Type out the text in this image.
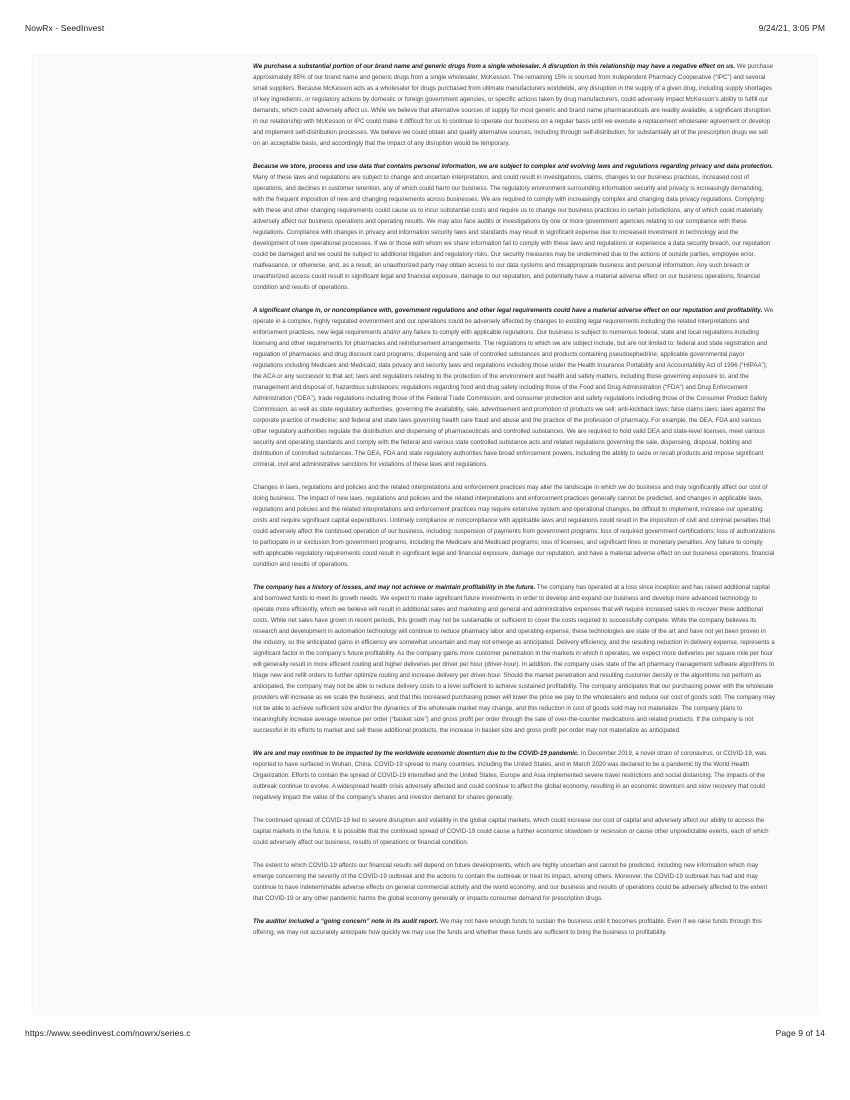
NowRx - SeedInvest	9/24/21, 3:05 PM

We purchase a substantial portion of our brand name and generic drugs from a single wholesaler. A disruption in this relationship may have a negative effect on us. We purchase approximately 85% of our brand name and generic drugs from a single wholesaler, McKesson. The remaining 15% is sourced from Independent Pharmacy Cooperative (“IPC”) and several small suppliers. Because McKesson acts as a wholesaler for drugs purchased from ultimate manufacturers worldwide, any disruption in the supply of a given drug, including supply shortages of key ingredients, or regulatory actions by domestic or foreign government agencies, or specific actions taken by drug manufacturers, could adversely impact McKesson's ability to fulfill our demands, which could adversely affect us. While we believe that alternative sources of supply for most generic and brand name pharmaceuticals are readily available, a significant disruption in our relationship with McKesson or IPC could make it difficult for us to continue to operate our business on a regular basis until we execute a replacement wholesaler agreement or develop and implement self-distribution processes. We believe we could obtain and qualify alternative sources, including through self-distribution, for substantially all of the prescription drugs we sell on an acceptable basis, and accordingly that the impact of any disruption would be temporary.

Because we store, process and use data that contains personal information, we are subject to complex and evolving laws and regulations regarding privacy and data protection. Many of these laws and regulations are subject to change and uncertain interpretation, and could result in investigations, claims, changes to our business practices, increased cost of operations, and declines in customer retention, any of which could harm our business. The regulatory environment surrounding information security and privacy is increasingly demanding, with the frequent imposition of new and changing requirements across businesses. We are required to comply with increasingly complex and changing data privacy regulations. Complying with these and other changing requirements could cause us to incur substantial costs and require us to change our business practices in certain jurisdictions, any of which could materially adversely affect our business operations and operating results. We may also face audits or investigations by one or more government agencies relating to our compliance with these regulations. Compliance with changes in privacy and information security laws and standards may result in significant expense due to increased investment in technology and the development of new operational processes. If we or those with whom we share information fail to comply with these laws and regulations or experience a data security breach, our reputation could be damaged and we could be subject to additional litigation and regulatory risks. Our security measures may be undermined due to the actions of outside parties, employee error, malfeasance, or otherwise, and, as a result, an unauthorized party may obtain access to our data systems and misappropriate business and personal information. Any such breach or unauthorized access could result in significant legal and financial exposure, damage to our reputation, and potentially have a material adverse effect on our business operations, financial condition and results of operations.

A significant change in, or noncompliance with, government regulations and other legal requirements could have a material adverse effect on our reputation and profitability. We operate in a complex, highly regulated environment and our operations could be adversely affected by changes to existing legal requirements including the related interpretations and enforcement practices, new legal requirements and/or any failure to comply with applicable regulations. Our business is subject to numerous federal, state and local regulations including licensing and other requirements for pharmacies and reimbursement arrangements. The regulations to which we are subject include, but are not limited to: federal and state registration and regulation of pharmacies and drug discount card programs; dispensing and sale of controlled substances and products containing pseudoephedrine; applicable governmental payor regulations including Medicare and Medicaid; data privacy and security laws and regulations including those under the Health Insurance Portability and Accountability Act of 1996 (“HIPAA”); the ACA or any successor to that act; laws and regulations relating to the protection of the environment and health and safety matters, including those governing exposure to, and the management and disposal of, hazardous substances; regulations regarding food and drug safety including those of the Food and Drug Administration (“FDA”) and Drug Enforcement Administration (“DEA”), trade regulations including those of the Federal Trade Commission, and consumer protection and safety regulations including those of the Consumer Product Safety Commission, as well as state regulatory authorities, governing the availability, sale, advertisement and promotion of products we sell; anti-kickback laws; false claims laws; laws against the corporate practice of medicine; and federal and state laws governing health care fraud and abuse and the practice of the profession of pharmacy. For example, the DEA, FDA and various other regulatory authorities regulate the distribution and dispensing of pharmaceuticals and controlled substances. We are required to hold valid DEA and state-level licenses, meet various security and operating standards and comply with the federal and various state controlled substance acts and related regulations governing the sale, dispensing, disposal, holding and distribution of controlled substances. The DEA, FDA and state regulatory authorities have broad enforcement powers, including the ability to seize or recall products and impose significant criminal, civil and administrative sanctions for violations of these laws and regulations.

Changes in laws, regulations and policies and the related interpretations and enforcement practices may alter the landscape in which we do business and may significantly affect our cost of doing business. The impact of new laws, regulations and policies and the related interpretations and enforcement practices generally cannot be predicted, and changes in applicable laws, regulations and policies and the related interpretations and enforcement practices may require extensive system and operational changes, be difficult to implement, increase our operating costs and require significant capital expenditures. Untimely compliance or noncompliance with applicable laws and regulations could result in the imposition of civil and criminal penalties that could adversely affect the continued operation of our business, including: suspension of payments from government programs; loss of required government certifications; loss of authorizations to participate in or exclusion from government programs, including the Medicare and Medicaid programs; loss of licenses; and significant fines or monetary penalties. Any failure to comply with applicable regulatory requirements could result in significant legal and financial exposure, damage our reputation, and have a material adverse effect on our business operations, financial condition and results of operations.

The company has a history of losses, and may not achieve or maintain profitability in the future. The company has operated at a loss since inception and has raised additional capital and borrowed funds to meet its growth needs. We expect to make significant future investments in order to develop and expand our business and develop more advanced technology to operate more efficiently, which we believe will result in additional sales and marketing and general and administrative expenses that will require increased sales to recover these additional costs. While net sales have grown in recent periods, this growth may not be sustainable or sufficient to cover the costs required to successfully compete. While the company believes its research and development in automation technology will continue to reduce pharmacy labor and operating expense, these technologies are state of the art and have not yet been proven in the industry, so the anticipated gains in efficiency are somewhat uncertain and may not emerge as anticipated. Delivery efficiency, and the resulting reduction in delivery expense, represents a significant factor in the company's future profitability. As the company gains more customer penetration in the markets in which it operates, we expect more deliveries per square mile per hour will generally result in more efficient routing and higher deliveries per driver per hour (driver-hour). In addition, the company uses state of the art pharmacy management software algorithms to triage new and refill orders to further optimize routing and increase delivery per driver-hour. Should the market penetration and resulting customer density or the algorithms not perform as anticipated, the company may not be able to reduce delivery costs to a level sufficient to achieve sustained profitability. The company anticipates that our purchasing power with the wholesale providers will increase as we scale the business, and that this increased purchasing power will lower the price we pay to the wholesalers and reduce our cost of goods sold. The company may not be able to achieve sufficient size and/or the dynamics of the wholesale market may change, and this reduction in cost of goods sold may not materialize. The company plans to meaningfully increase average revenue per order (“basket size”) and gross profit per order through the sale of over-the-counter medications and related products. If the company is not successful in its efforts to market and sell these additional products, the increase in basket size and gross profit per order may not materialize as anticipated.

We are and may continue to be impacted by the worldwide economic downturn due to the COVID-19 pandemic. In December 2019, a novel strain of coronavirus, or COVID-19, was reported to have surfaced in Wuhan, China. COVID-19 spread to many countries, including the United States, and in March 2020 was declared to be a pandemic by the World Health Organization. Efforts to contain the spread of COVID-19 intensified and the United States, Europe and Asia implemented severe travel restrictions and social distancing. The impacts of the outbreak continue to evolve. A widespread health crisis adversely affected and could continue to affect the global economy, resulting in an economic downturn and slow recovery that could negatively impact the value of the company's shares and investor demand for shares generally.

The continued spread of COVID-19 led to severe disruption and volatility in the global capital markets, which could increase our cost of capital and adversely affect our ability to access the capital markets in the future. It is possible that the continued spread of COVID-19 could cause a further economic slowdown or recession or cause other unpredictable events, each of which could adversely affect our business, results of operations or financial condition.

The extent to which COVID-19 affects our financial results will depend on future developments, which are highly uncertain and cannot be predicted, including new information which may emerge concerning the severity of the COVID-19 outbreak and the actions to contain the outbreak or treat its impact, among others. Moreover, the COVID-19 outbreak has had and may continue to have indeterminable adverse effects on general commercial activity and the world economy, and our business and results of operations could be adversely affected to the extent that COVID-19 or any other pandemic harms the global economy generally or impacts consumer demand for prescription drugs.

The auditor included a “going concern” note in its audit report. We may not have enough funds to sustain the business until it becomes profitable. Even if we raise funds through this offering, we may not accurately anticipate how quickly we may use the funds and whether these funds are sufficient to bring the business to profitability.

https://www.seedinvest.com/nowrx/series.c	Page 9 of 14
